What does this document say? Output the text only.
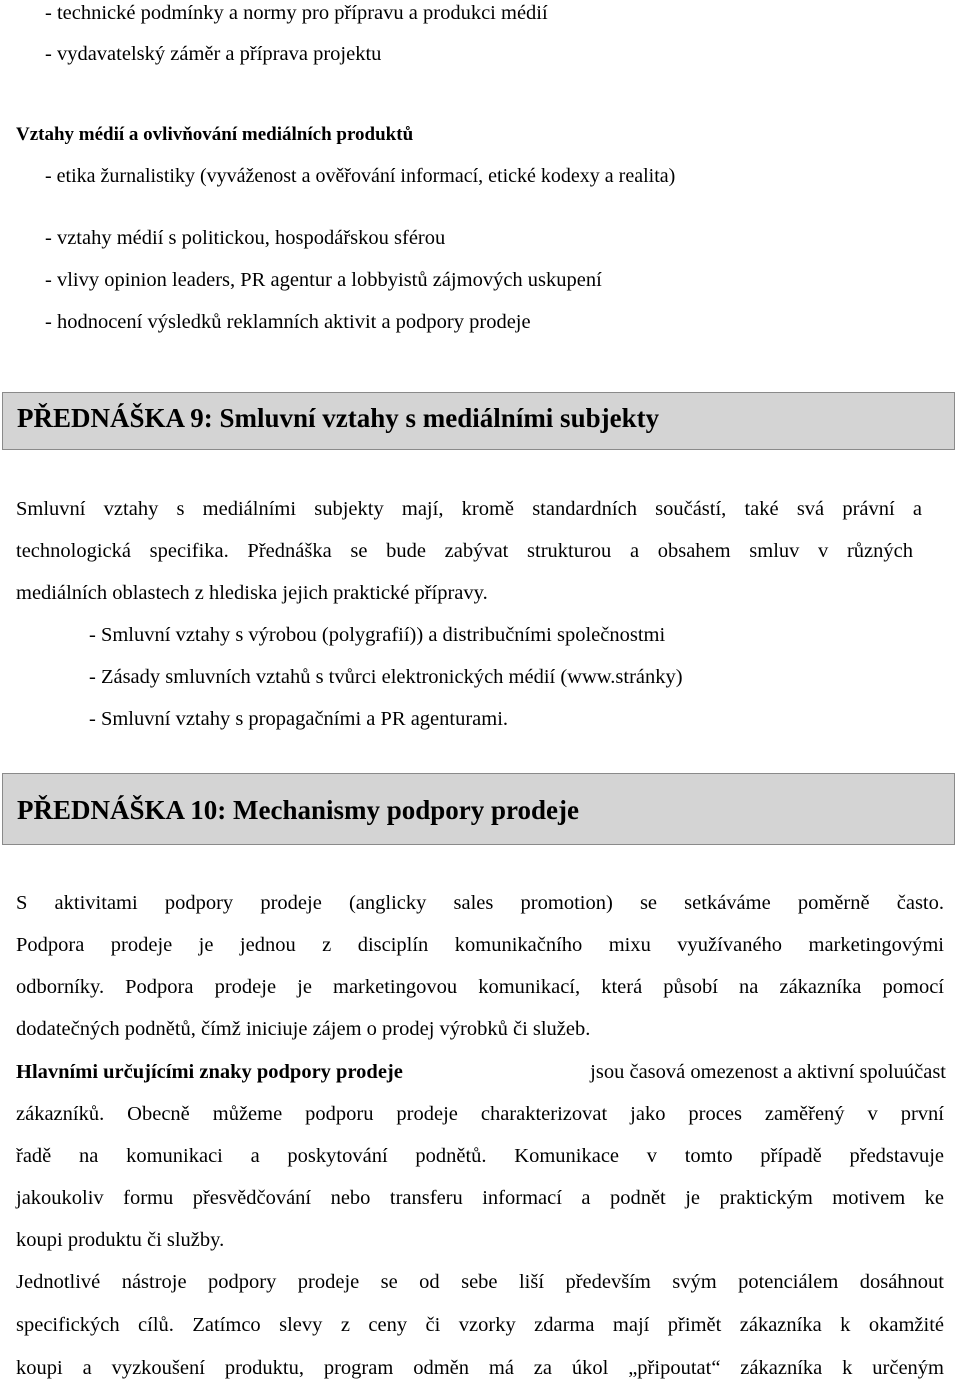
- technické podmínky a normy pro přípravu a produkci médií
- vydavatelský záměr a příprava projektu
Vztahy médií a ovlivňování mediálních produktů
- etika žurnalistiky (vyváženost a ověřování informací, etické kodexy a realita)
- vztahy médií s politickou, hospodářskou sférou
- vlivy opinion leaders, PR agentur a lobbyistů zájmových uskupení
- hodnocení výsledků reklamních aktivit a podpory prodeje
PŘEDNÁŠKA 9: Smluvní vztahy s mediálními subjekty
Smluvní vztahy s mediálními subjekty mají, kromě standardních součástí, také svá právní a
technologická specifika. Přednáška se bude zabývat strukturou a obsahem smluv v různých
mediálních oblastech z hlediska jejich praktické přípravy.
- Smluvní vztahy s výrobou (polygrafií)) a distribučními společnostmi
- Zásady smluvních vztahů s tvůrci elektronických médií (www.stránky)
- Smluvní vztahy s propagačními a PR agenturami.
PŘEDNÁŠKA 10: Mechanismy podpory prodeje
S aktivitami podpory prodeje (anglicky sales promotion) se setkáváme poměrně často.
Podpora prodeje je jednou z disciplín komunikačního mixu využívaného marketingovými
odborníky. Podpora prodeje je marketingovou komunikací, která působí na zákazníka pomocí
dodatečných podnětů, čímž iniciuje zájem o prodej výrobků či služeb.
Hlavními určujícími znaky podpory prodeje	jsou časová omezenost a aktivní spoluúčast
zákazníků. Obecně můžeme podporu prodeje charakterizovat jako proces zaměřený v první
řadě na komunikaci a poskytování podnětů. Komunikace v tomto případě představuje
jakoukoliv formu přesvědčování nebo transferu informací a podnět je praktickým motivem ke
koupi produktu či služby.
Jednotlivé nástroje podpory prodeje se od sebe liší především svým potenciálem dosáhnout
specifických cílů. Zatímco slevy z ceny či vzorky zdarma mají přimět zákazníka k okamžité
koupi a vyzkoušení produktu, program odměn má za úkol „připoutat“ zákazníka k určeným
